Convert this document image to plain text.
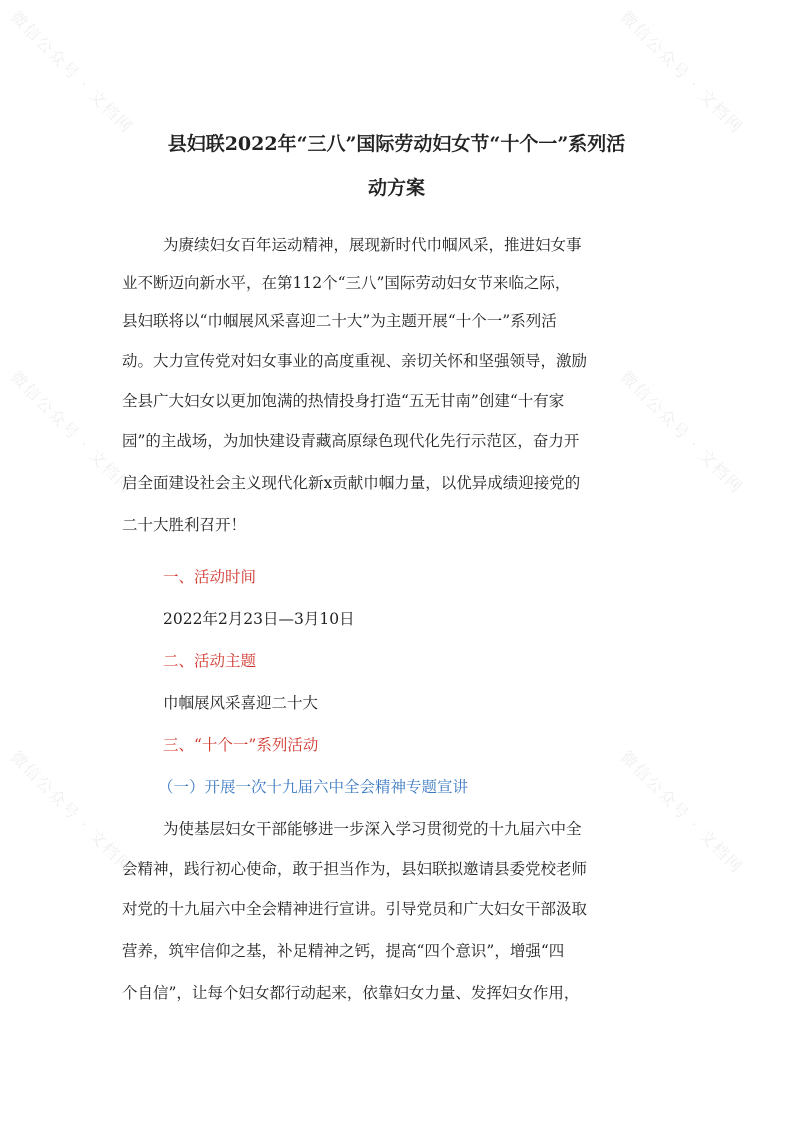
微信公众号 · 文档网	微信公众号 · 文档网
微信公众号 · 文档网	微信公众号 · 文档网
微信公众号 · 文档网	微信公众号 · 文档网
县妇联2022年“三八”国际劳动妇女节“十个一”系列活
动方案

为赓续妇女百年运动精神，展现新时代巾帼风采，推进妇女事

业不断迈向新水平，在第112个“三八”国际劳动妇女节来临之际，

县妇联将以“巾帼展风采喜迎二十大”为主题开展“十个一”系列活

动。大力宣传党对妇女事业的高度重视、亲切关怀和坚强领导，激励

全县广大妇女以更加饱满的热情投身打造“五无甘南”创建“十有家

园”的主战场，为加快建设青藏高原绿色现代化先行示范区，奋力开

启全面建设社会主义现代化新x贡献巾帼力量，以优异成绩迎接党的

二十大胜利召开！

一、活动时间

2022年2月23日—3月10日

二、活动主题

巾帼展风采喜迎二十大

三、“十个一”系列活动

（一）开展一次十九届六中全会精神专题宣讲

为使基层妇女干部能够进一步深入学习贯彻党的十九届六中全

会精神，践行初心使命，敢于担当作为，县妇联拟邀请县委党校老师

对党的十九届六中全会精神进行宣讲。引导党员和广大妇女干部汲取

营养，筑牢信仰之基，补足精神之钙，提高“四个意识”，增强“四

个自信”，让每个妇女都行动起来，依靠妇女力量、发挥妇女作用，
